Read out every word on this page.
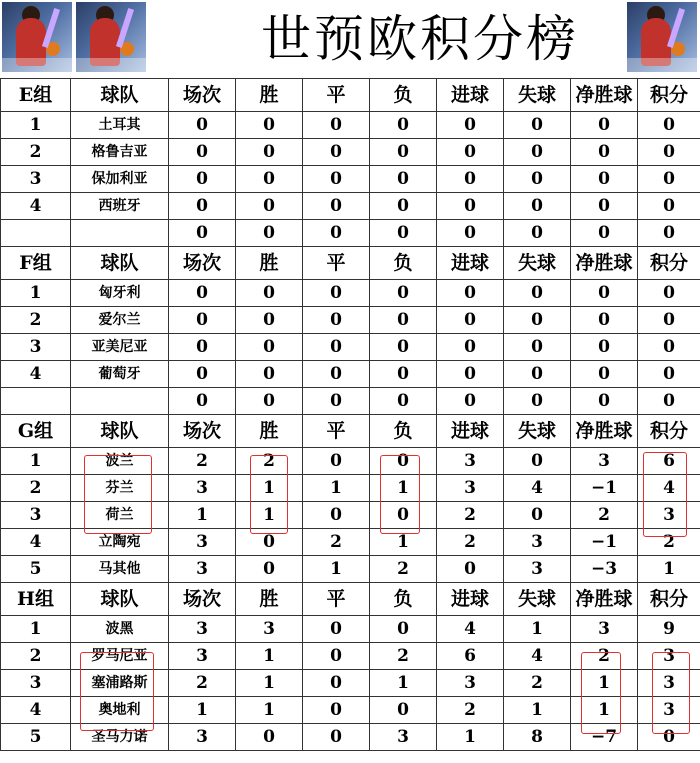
世预欧积分榜
E组	球队	场次	胜	平	负	进球	失球	净胜球	积分
1	土耳其	0	0	0	0	0	0	0	0
2	格鲁吉亚	0	0	0	0	0	0	0	0
3	保加利亚	0	0	0	0	0	0	0	0
4	西班牙	0	0	0	0	0	0	0	0
		0	0	0	0	0	0	0	0
F组	球队	场次	胜	平	负	进球	失球	净胜球	积分
1	匈牙利	0	0	0	0	0	0	0	0
2	爱尔兰	0	0	0	0	0	0	0	0
3	亚美尼亚	0	0	0	0	0	0	0	0
4	葡萄牙	0	0	0	0	0	0	0	0
		0	0	0	0	0	0	0	0
G组	球队	场次	胜	平	负	进球	失球	净胜球	积分
1	波兰	2	2	0	0	3	0	3	6
2	芬兰	3	1	1	1	3	4	−1	4
3	荷兰	1	1	0	0	2	0	2	3
4	立陶宛	3	0	2	1	2	3	−1	2
5	马其他	3	0	1	2	0	3	−3	1
H组	球队	场次	胜	平	负	进球	失球	净胜球	积分
1	波黑	3	3	0	0	4	1	3	9
2	罗马尼亚	3	1	0	2	6	4	2	3
3	塞浦路斯	2	1	0	1	3	2	1	3
4	奥地利	1	1	0	0	2	1	1	3
5	圣马力诺	3	0	0	3	1	8	−7	0
